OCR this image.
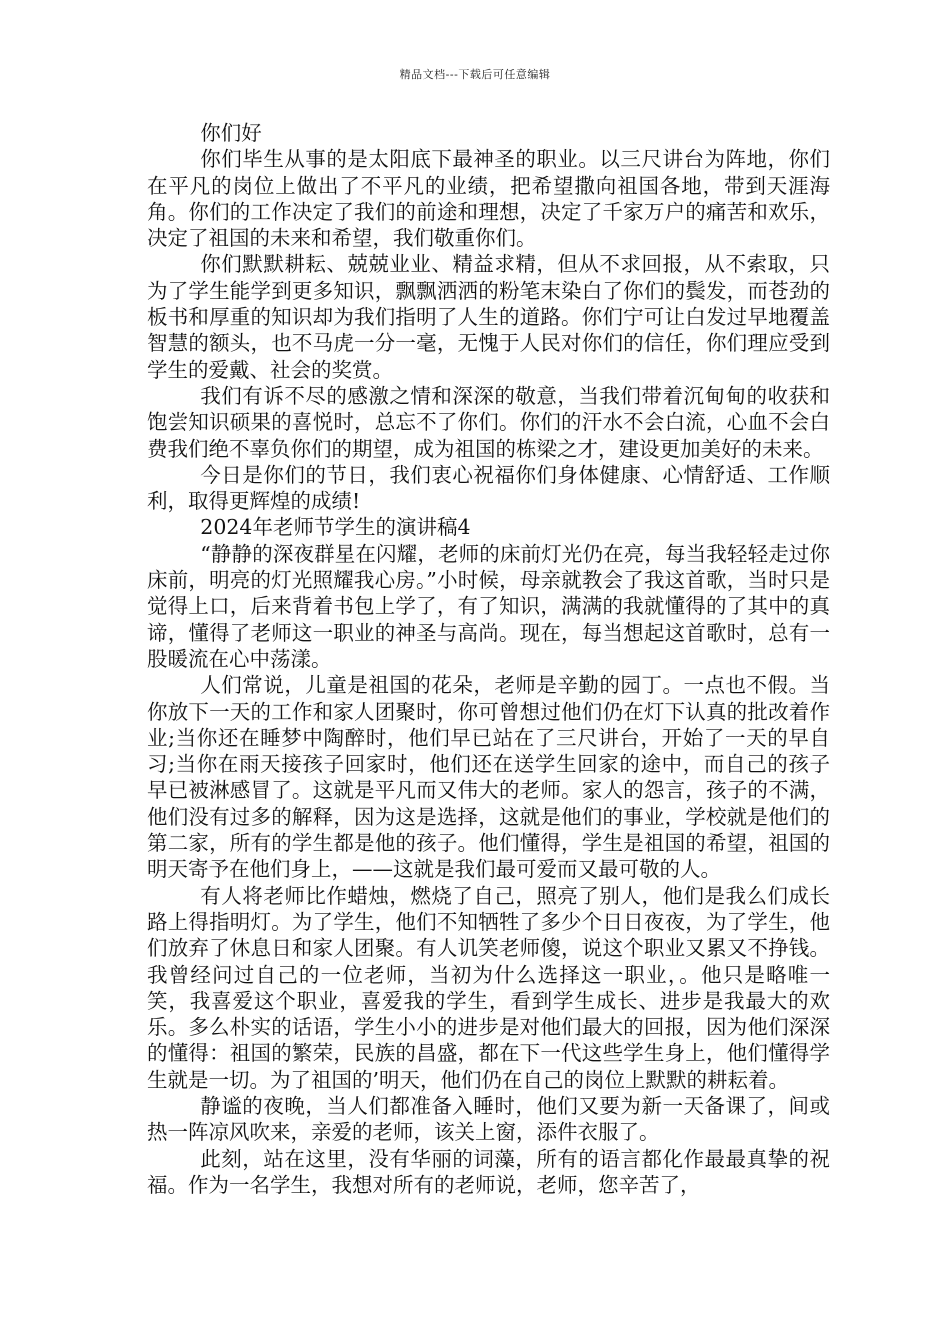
精品文档---下载后可任意编辑

你们好

你们毕生从事的是太阳底下最神圣的职业。以三尺讲台为阵地，你们在平凡的岗位上做出了不平凡的业绩，把希望撒向祖国各地，带到天涯海角。你们的工作决定了我们的前途和理想，决定了千家万户的痛苦和欢乐，决定了祖国的未来和希望，我们敬重你们。

你们默默耕耘、兢兢业业、精益求精，但从不求回报，从不索取，只为了学生能学到更多知识，飘飘洒洒的粉笔末染白了你们的鬓发，而苍劲的板书和厚重的知识却为我们指明了人生的道路。你们宁可让白发过早地覆盖智慧的额头，也不马虎一分一毫，无愧于人民对你们的信任，你们理应受到学生的爱戴、社会的奖赏。

我们有诉不尽的感激之情和深深的敬意，当我们带着沉甸甸的收获和饱尝知识硕果的喜悦时，总忘不了你们。你们的汗水不会白流，心血不会白费我们绝不辜负你们的期望，成为祖国的栋梁之才，建设更加美好的未来。

今日是你们的节日，我们衷心祝福你们身体健康、心情舒适、工作顺利，取得更辉煌的成绩!

2024年老师节学生的演讲稿4

“静静的深夜群星在闪耀，老师的床前灯光仍在亮，每当我轻轻走过你床前，明亮的灯光照耀我心房。”小时候，母亲就教会了我这首歌，当时只是觉得上口，后来背着书包上学了，有了知识，满满的我就懂得的了其中的真谛，懂得了老师这一职业的神圣与高尚。现在，每当想起这首歌时，总有一股暖流在心中荡漾。

人们常说，儿童是祖国的花朵，老师是辛勤的园丁。一点也不假。当你放下一天的工作和家人团聚时，你可曾想过他们仍在灯下认真的批改着作业;当你还在睡梦中陶醉时，他们早已站在了三尺讲台，开始了一天的早自习;当你在雨天接孩子回家时，他们还在送学生回家的途中，而自己的孩子早已被淋感冒了。这就是平凡而又伟大的老师。家人的怨言，孩子的不满，他们没有过多的解释，因为这是选择，这就是他们的事业，学校就是他们的第二家，所有的学生都是他的孩子。他们懂得，学生是祖国的希望，祖国的明天寄予在他们身上，——这就是我们最可爱而又最可敬的人。

有人将老师比作蜡烛，燃烧了自己，照亮了别人，他们是我么们成长路上得指明灯。为了学生，他们不知牺牲了多少个日日夜夜，为了学生，他们放弃了休息日和家人团聚。有人讥笑老师傻，说这个职业又累又不挣钱。我曾经问过自己的一位老师，当初为什么选择这一职业，。他只是略唯一笑，我喜爱这个职业，喜爱我的学生，看到学生成长、进步是我最大的欢乐。多么朴实的话语，学生小小的进步是对他们最大的回报，因为他们深深的懂得：祖国的繁荣，民族的昌盛，都在下一代这些学生身上，他们懂得学生就是一切。为了祖国的’明天，他们仍在自己的岗位上默默的耕耘着。

静谧的夜晚，当人们都准备入睡时，他们又要为新一天备课了，间或热一阵凉风吹来，亲爱的老师，该关上窗，添件衣服了。

此刻，站在这里，没有华丽的词藻，所有的语言都化作最最真挚的祝福。作为一名学生，我想对所有的老师说，老师，您辛苦了，
